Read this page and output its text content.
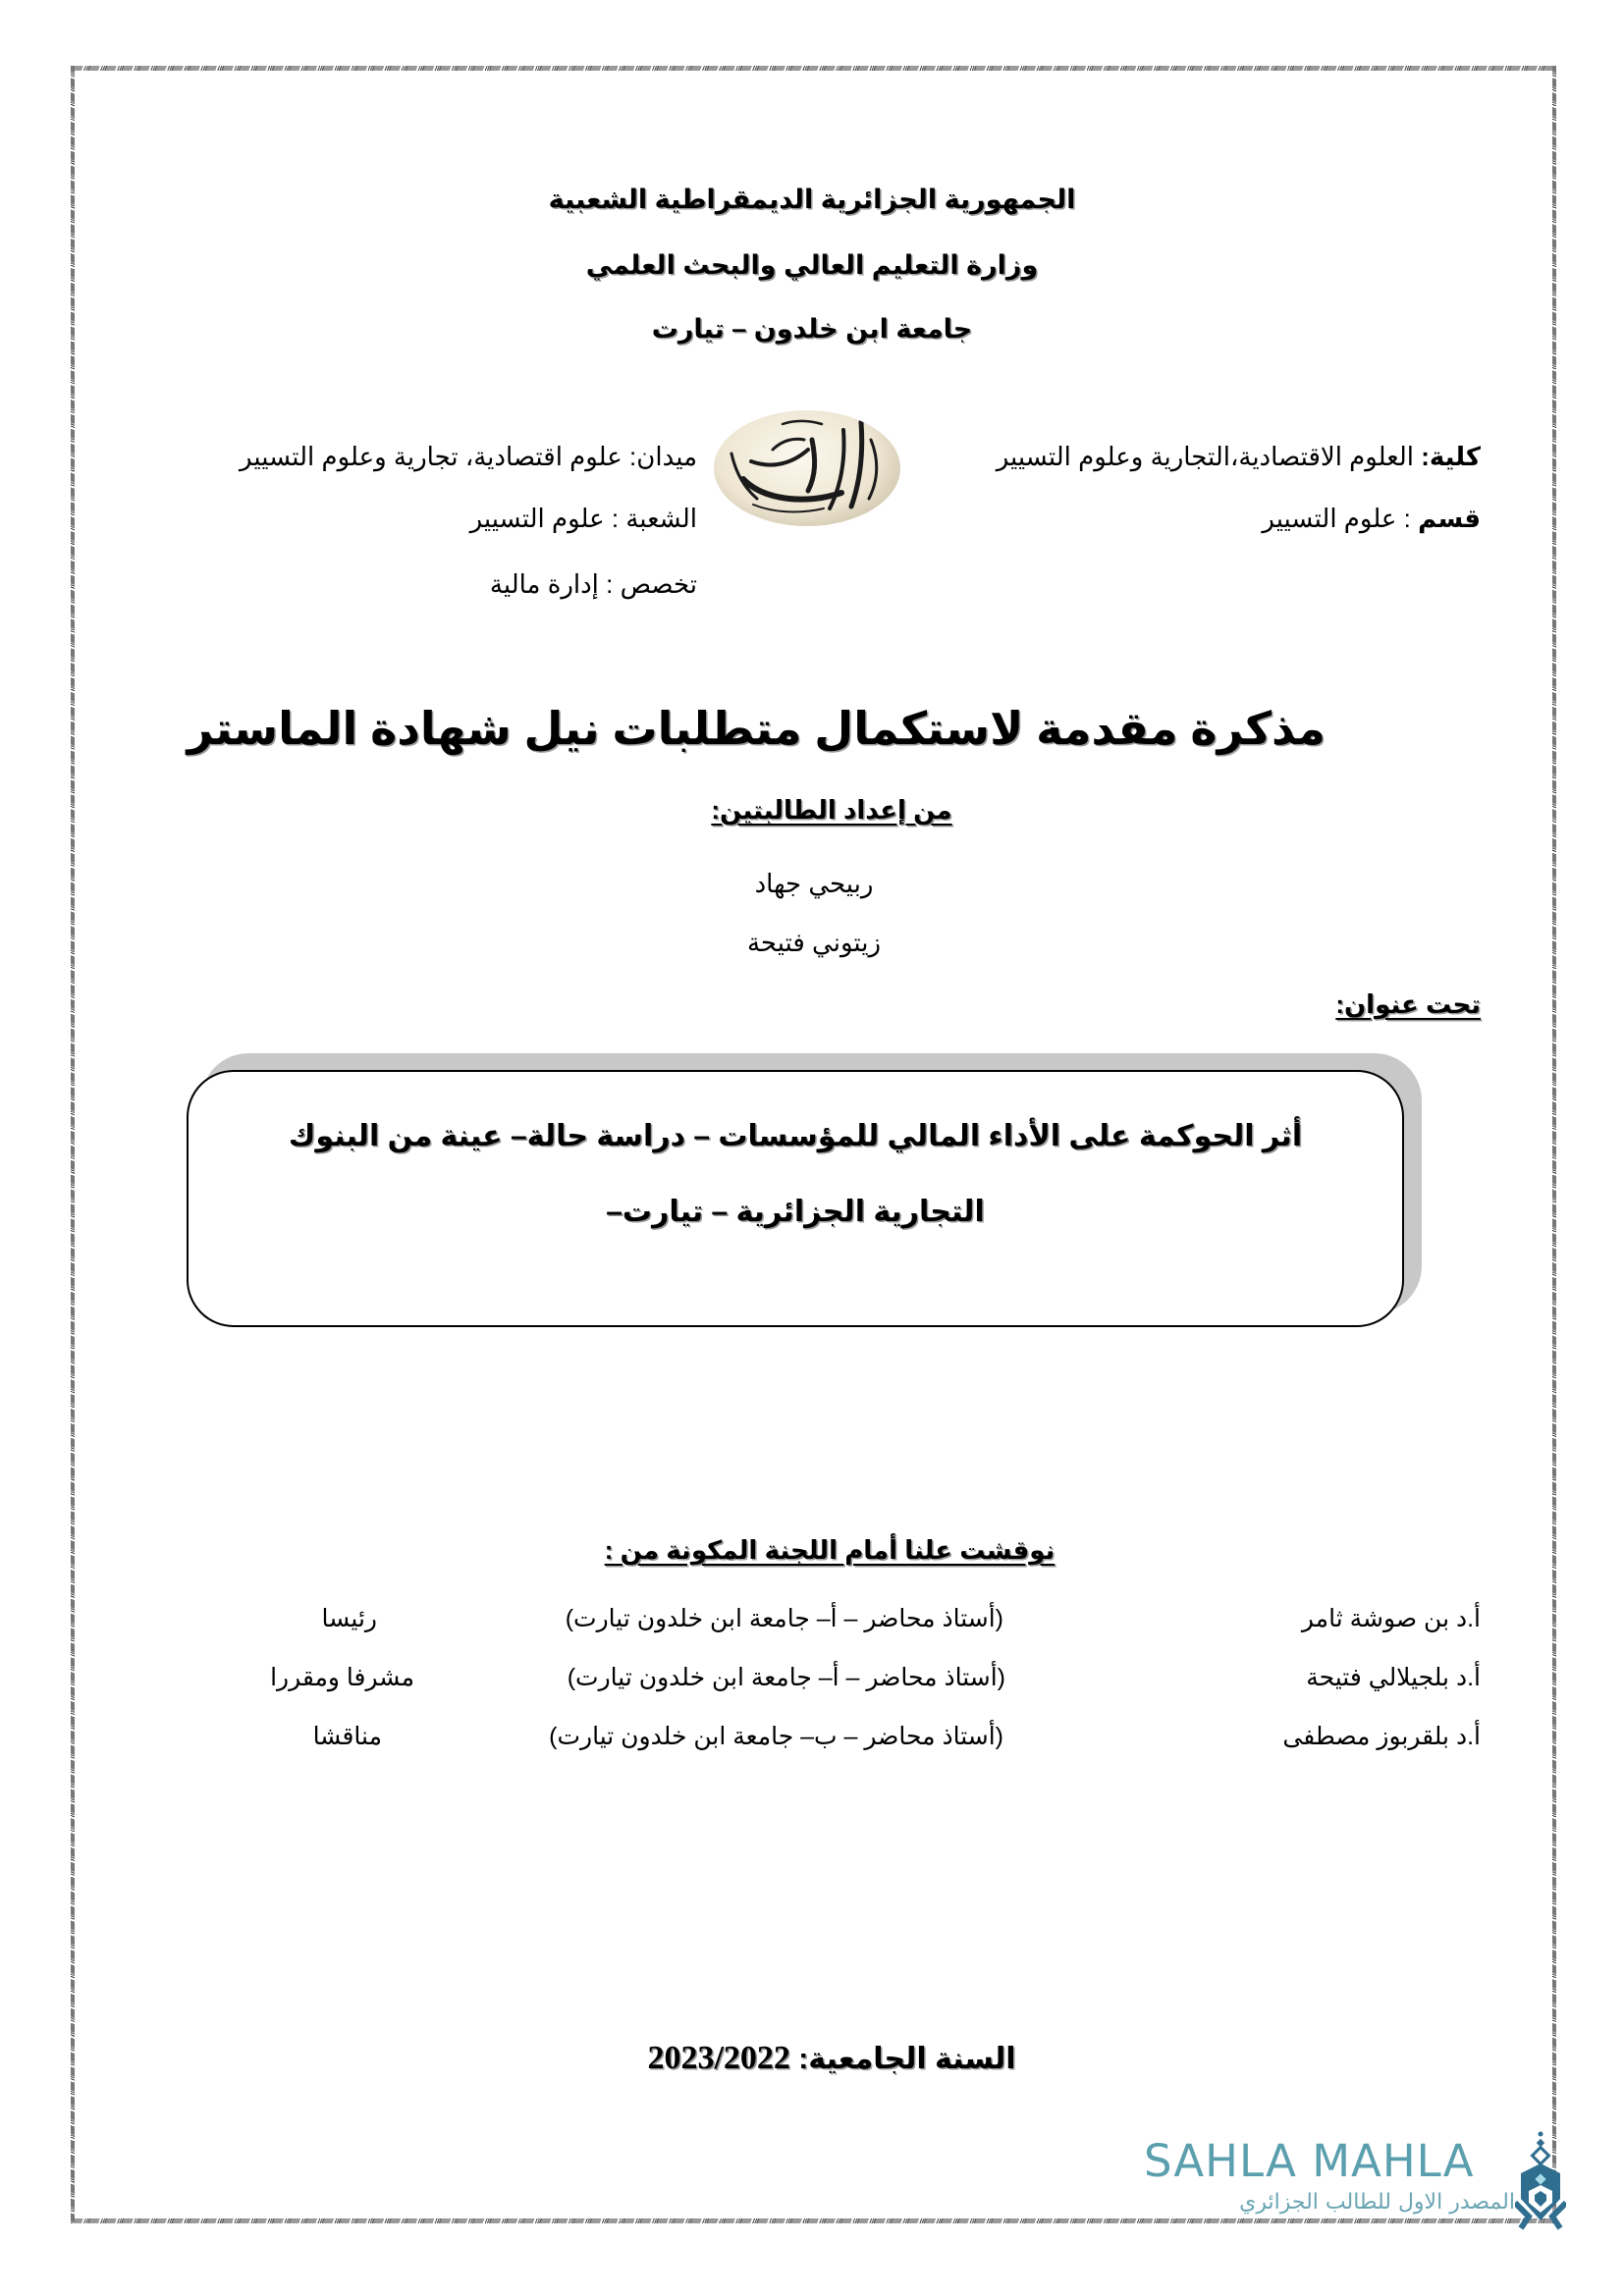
الجمهورية الجزائرية الديمقراطية الشعبية
وزارة التعليم العالي والبحث العلمي
جامعة ابن خلدون – تيارت
كلية: العلوم الاقتصادية،التجارية وعلوم التسيير
قسم : علوم التسيير
ميدان: علوم اقتصادية، تجارية وعلوم التسيير
الشعبة : علوم التسيير
تخصص : إدارة مالية
مذكرة مقدمة لاستكمال متطلبات نيل شهادة الماستر
من إعداد الطالبتين:
ربيحي جهاد
زيتوني فتيحة
تحت عنوان:
أثر الحوكمة على الأداء المالي للمؤسسات – دراسة حالة– عينة من البنوك
التجارية الجزائرية – تيارت–
نوقشت علنا أمام اللجنة المكونة من :
أ.د بن صوشة ثامر
(أستاذ محاضر – أ– جامعة ابن خلدون تيارت)
رئيسا
أ.د بلجيلالي فتيحة
(أستاذ محاضر – أ– جامعة ابن خلدون تيارت)
مشرفا ومقررا
أ.د بلقربوز مصطفى
(أستاذ محاضر – ب– جامعة ابن خلدون تيارت)
مناقشا
السنة الجامعية: 2023/2022
SAHLA MAHLA
المصدر الاول للطالب الجزائري
